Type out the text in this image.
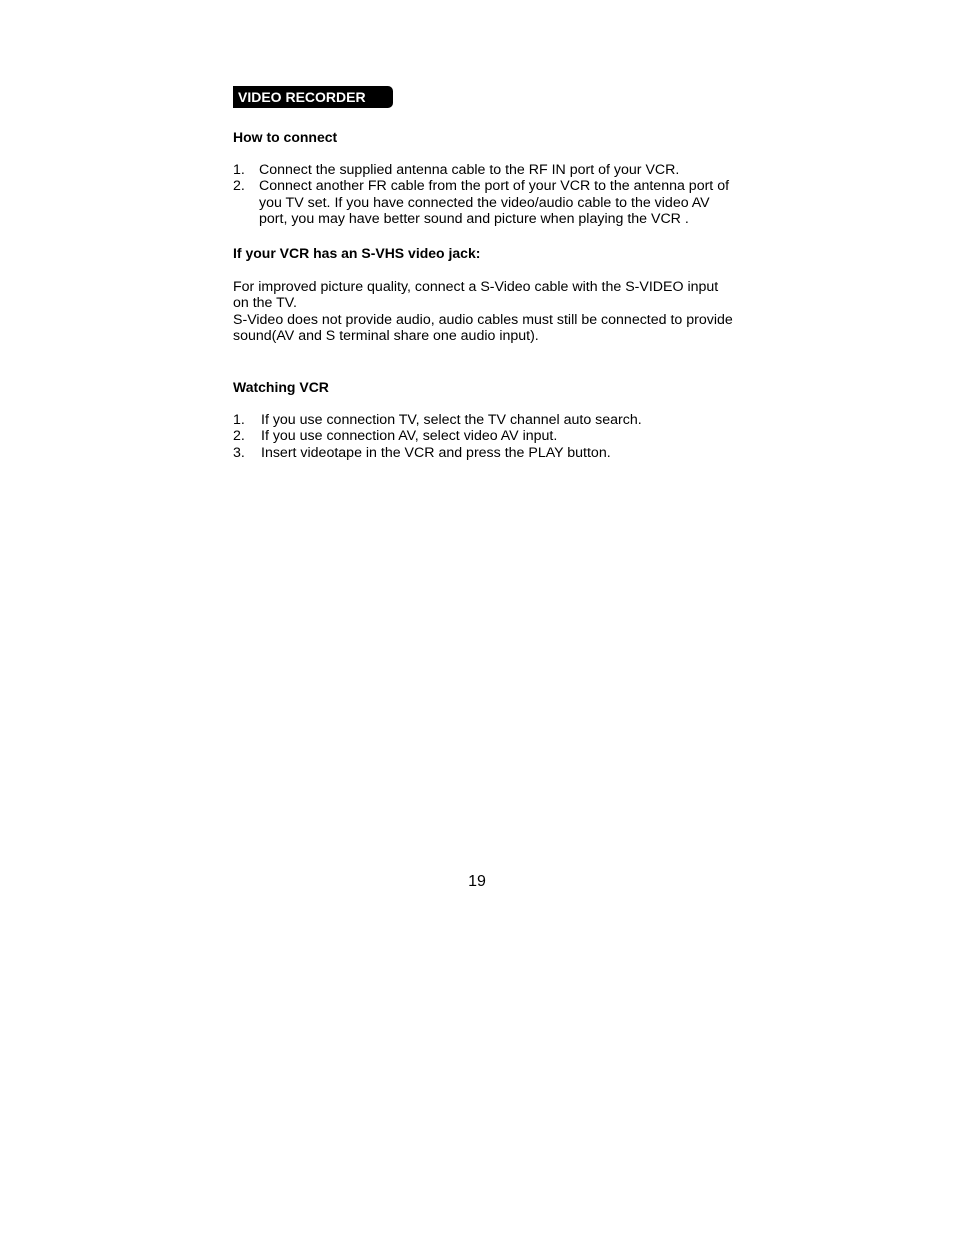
VIDEO RECORDER
How to connect
1. Connect the supplied antenna cable to the RF IN port of your VCR.
2. Connect another FR cable from the port of your VCR to the antenna port of you TV set. If you have connected the video/audio cable to the video AV port, you may have better sound and picture when playing the VCR .
If your VCR has an S-VHS video jack:

For improved picture quality, connect a S-Video cable with the S-VIDEO input on the TV.

S-Video does not provide audio, audio cables must still be connected to provide sound(AV and S terminal share one audio input).

Watching VCR
1. If you use connection TV, select the TV channel auto search.
2. If you use connection AV, select video AV input.
3. Insert videotape in the VCR and press the PLAY button.
19
